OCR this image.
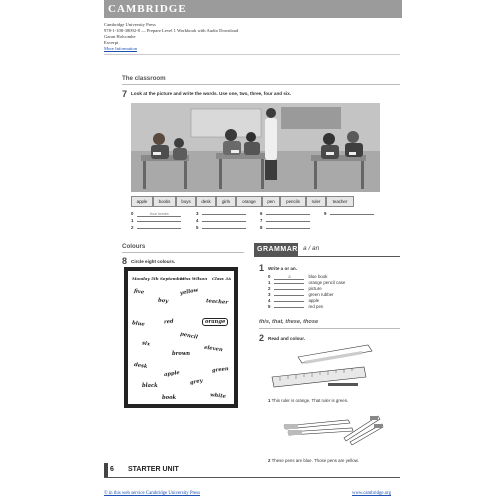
CAMBRIDGE
Cambridge University Press
978-1-108-38092-8 — Prepare Level 1 Workbook with Audio Download
Garan Holcombe
Excerpt
More Information
The classroom
7 Look at the picture and write the words. Use one, two, three, four and six.
apple	books	boys	desk	girls	orange	pen	pencils	ruler	teacher
0	four books
1
2
3
4
5
6
7
8
9
Colours
8 Circle eight colours.
Monday 5th September
Miss Wilson Class 3A
five
boy
yellow
teacher
blue	red	orange
pencil
six
brown
eleven
desk
apple	green
black	grey
book	white
GRAMMAR a / an
1 Write a or an.
0	a	blue book
1	orange pencil case
2	picture
3	green rubber
4	apple
5	red pen
this, that, these, those
2 Read and colour.
1 This ruler is orange. That ruler is green.
2 These pens are blue. Those pens are yellow.
6 STARTER UNIT
© in this web service Cambridge University Press	www.cambridge.org
